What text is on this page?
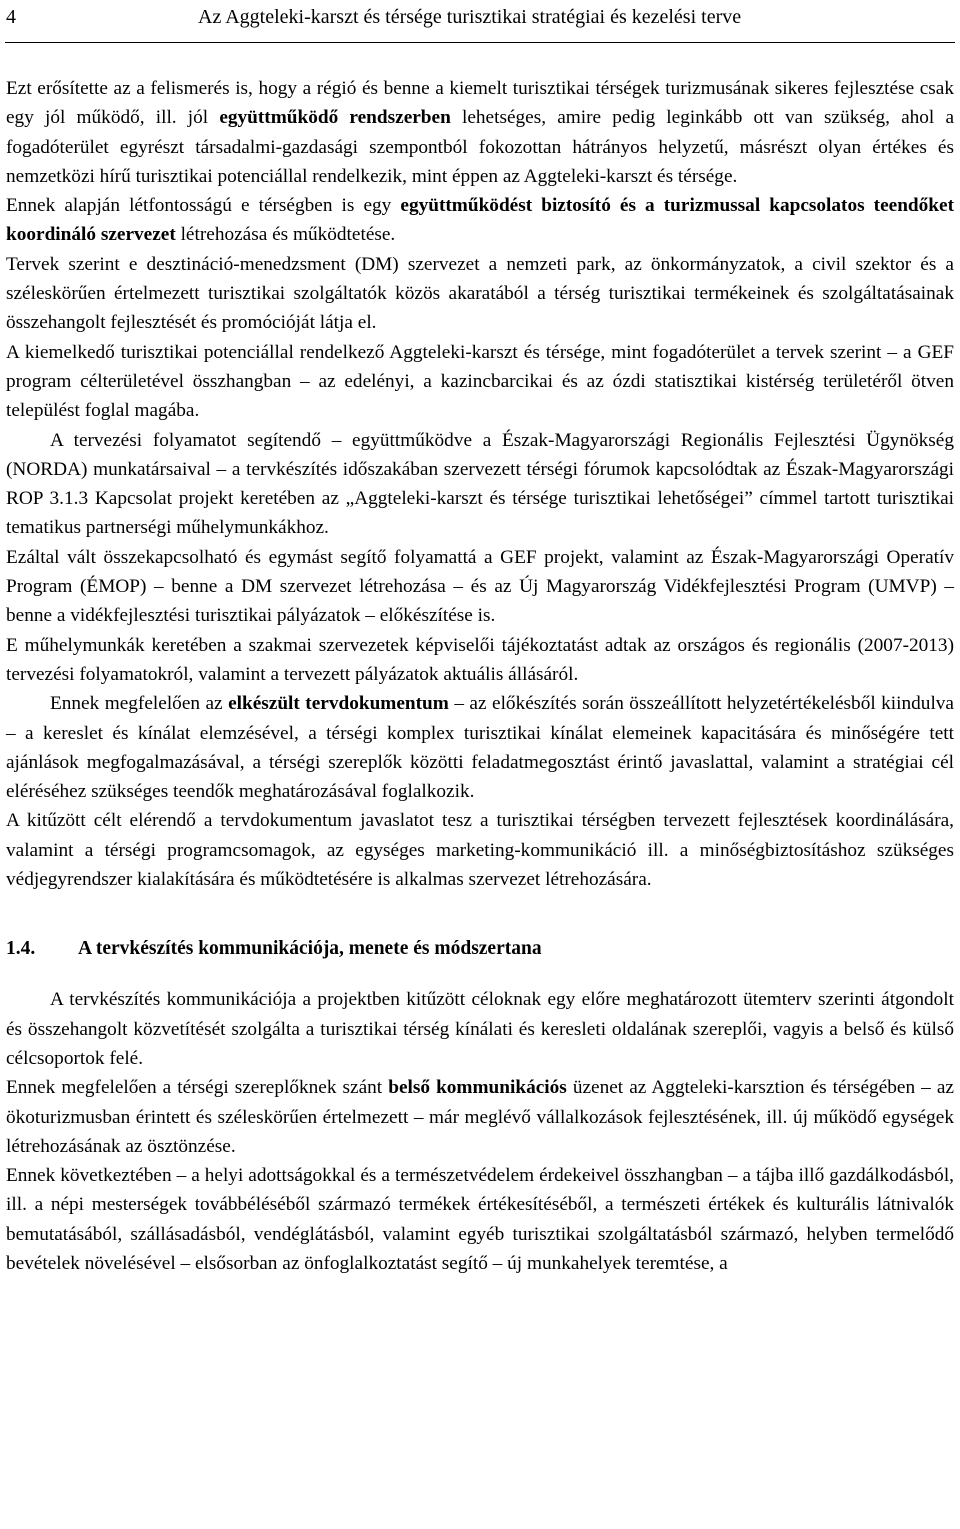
4	Az Aggteleki-karszt és térsége turisztikai stratégiai és kezelési terve

Ezt erősítette az a felismerés is, hogy a régió és benne a kiemelt turisztikai térségek turizmusának sikeres fejlesztése csak egy jól működő, ill. jól együttműködő rendszerben lehetséges, amire pedig leginkább ott van szükség, ahol a fogadóterület egyrészt társadalmi-gazdasági szempontból fokozottan hátrányos helyzetű, másrészt olyan értékes és nemzetközi hírű turisztikai potenciállal rendelkezik, mint éppen az Aggteleki-karszt és térsége.

Ennek alapján létfontosságú e térségben is egy együttműködést biztosító és a turizmussal kapcsolatos teendőket koordináló szervezet létrehozása és működtetése.

Tervek szerint e desztináció-menedzsment (DM) szervezet a nemzeti park, az önkormányzatok, a civil szektor és a széleskörűen értelmezett turisztikai szolgáltatók közös akaratából a térség turisztikai termékeinek és szolgáltatásainak összehangolt fejlesztését és promócióját látja el.

A kiemelkedő turisztikai potenciállal rendelkező Aggteleki-karszt és térsége, mint fogadóterület a tervek szerint – a GEF program célterületével összhangban – az edelényi, a kazincbarcikai és az ózdi statisztikai kistérség területéről ötven települést foglal magába.

A tervezési folyamatot segítendő – együttműködve a Észak-Magyarországi Regionális Fejlesztési Ügynökség (NORDA) munkatársaival – a tervkészítés időszakában szervezett térségi fórumok kapcsolódtak az Észak-Magyarországi ROP 3.1.3 Kapcsolat projekt keretében az „Aggteleki-karszt és térsége turisztikai lehetőségei” címmel tartott turisztikai tematikus partnerségi műhelymunkákhoz.

Ezáltal vált összekapcsolható és egymást segítő folyamattá a GEF projekt, valamint az Észak-Magyarországi Operatív Program (ÉMOP) – benne a DM szervezet létrehozása – és az Új Magyarország Vidékfejlesztési Program (UMVP) – benne a vidékfejlesztési turisztikai pályázatok – előkészítése is.

E műhelymunkák keretében a szakmai szervezetek képviselői tájékoztatást adtak az országos és regionális (2007-2013) tervezési folyamatokról, valamint a tervezett pályázatok aktuális állásáról.

Ennek megfelelően az elkészült tervdokumentum – az előkészítés során összeállított helyzetértékelésből kiindulva – a kereslet és kínálat elemzésével, a térségi komplex turisztikai kínálat elemeinek kapacitására és minőségére tett ajánlások megfogalmazásával, a térségi szereplők közötti feladatmegosztást érintő javaslattal, valamint a stratégiai cél eléréséhez szükséges teendők meghatározásával foglalkozik.

A kitűzött célt elérendő a tervdokumentum javaslatot tesz a turisztikai térségben tervezett fejlesztések koordinálására, valamint a térségi programcsomagok, az egységes marketing-kommunikáció ill. a minőségbiztosításhoz szükséges védjegyrendszer kialakítására és működtetésére is alkalmas szervezet létrehozására.

1.4. A tervkészítés kommunikációja, menete és módszertana

A tervkészítés kommunikációja a projektben kitűzött céloknak egy előre meghatározott ütemterv szerinti átgondolt és összehangolt közvetítését szolgálta a turisztikai térség kínálati és keresleti oldalának szereplői, vagyis a belső és külső célcsoportok felé.

Ennek megfelelően a térségi szereplőknek szánt belső kommunikációs üzenet az Aggteleki-karsztion és térségében – az ökoturizmusban érintett és széleskörűen értelmezett – már meglévő vállalkozások fejlesztésének, ill. új működő egységek létrehozásának az ösztönzése.

Ennek következtében – a helyi adottságokkal és a természetvédelem érdekeivel összhangban – a tájba illő gazdálkodásból, ill. a népi mesterségek továbbéléséből származó termékek értékesítéséből, a természeti értékek és kulturális látnivalók bemutatásából, szállásadásból, vendéglátásból, valamint egyéb turisztikai szolgáltatásból származó, helyben termelődő bevételek növelésével – elsősorban az önfoglalkoztatást segítő – új munkahelyek teremtése, a
